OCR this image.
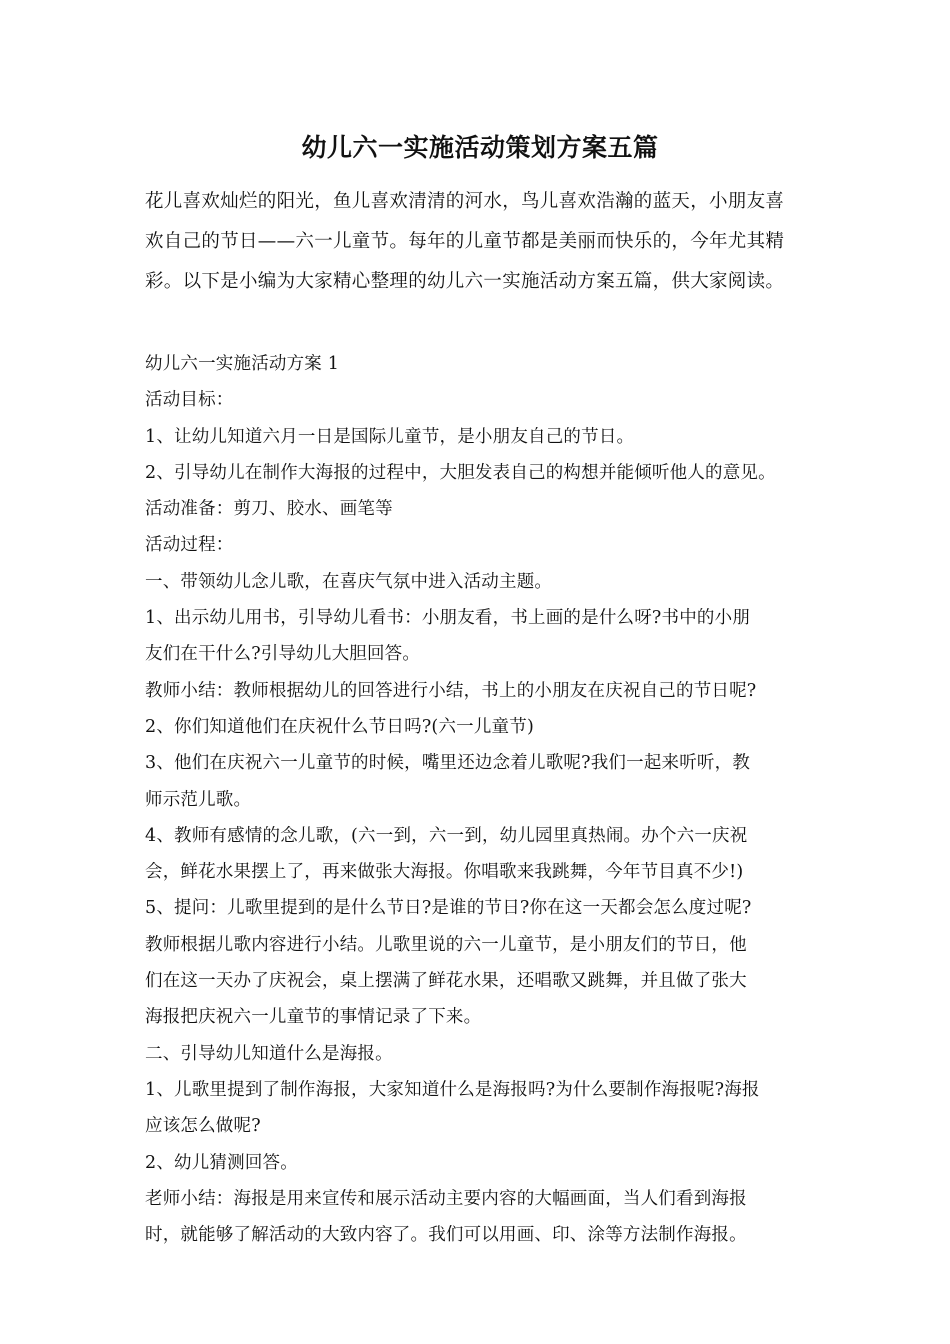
幼儿六一实施活动策划方案五篇

花儿喜欢灿烂的阳光，鱼儿喜欢清清的河水，鸟儿喜欢浩瀚的蓝天，小朋友喜

欢自己的节日——六一儿童节。每年的儿童节都是美丽而快乐的，今年尤其精

彩。以下是小编为大家精心整理的幼儿六一实施活动方案五篇，供大家阅读。

幼儿六一实施活动方案 1

活动目标：

1、让幼儿知道六月一日是国际儿童节，是小朋友自己的节日。

2、引导幼儿在制作大海报的过程中，大胆发表自己的构想并能倾听他人的意见。

活动准备：剪刀、胶水、画笔等

活动过程：

一、带领幼儿念儿歌，在喜庆气氛中进入活动主题。

1、出示幼儿用书，引导幼儿看书：小朋友看，书上画的是什么呀?书中的小朋

友们在干什么?引导幼儿大胆回答。

教师小结：教师根据幼儿的回答进行小结，书上的小朋友在庆祝自己的节日呢?

2、你们知道他们在庆祝什么节日吗?(六一儿童节)

3、他们在庆祝六一儿童节的时候，嘴里还边念着儿歌呢?我们一起来听听，教

师示范儿歌。

4、教师有感情的念儿歌，(六一到，六一到，幼儿园里真热闹。办个六一庆祝

会，鲜花水果摆上了，再来做张大海报。你唱歌来我跳舞，今年节目真不少!)

5、提问：儿歌里提到的是什么节日?是谁的节日?你在这一天都会怎么度过呢?

教师根据儿歌内容进行小结。儿歌里说的六一儿童节，是小朋友们的节日，他

们在这一天办了庆祝会，桌上摆满了鲜花水果，还唱歌又跳舞，并且做了张大

海报把庆祝六一儿童节的事情记录了下来。

二、引导幼儿知道什么是海报。

1、儿歌里提到了制作海报，大家知道什么是海报吗?为什么要制作海报呢?海报

应该怎么做呢?

2、幼儿猜测回答。

老师小结：海报是用来宣传和展示活动主要内容的大幅画面，当人们看到海报

时，就能够了解活动的大致内容了。我们可以用画、印、涂等方法制作海报。
